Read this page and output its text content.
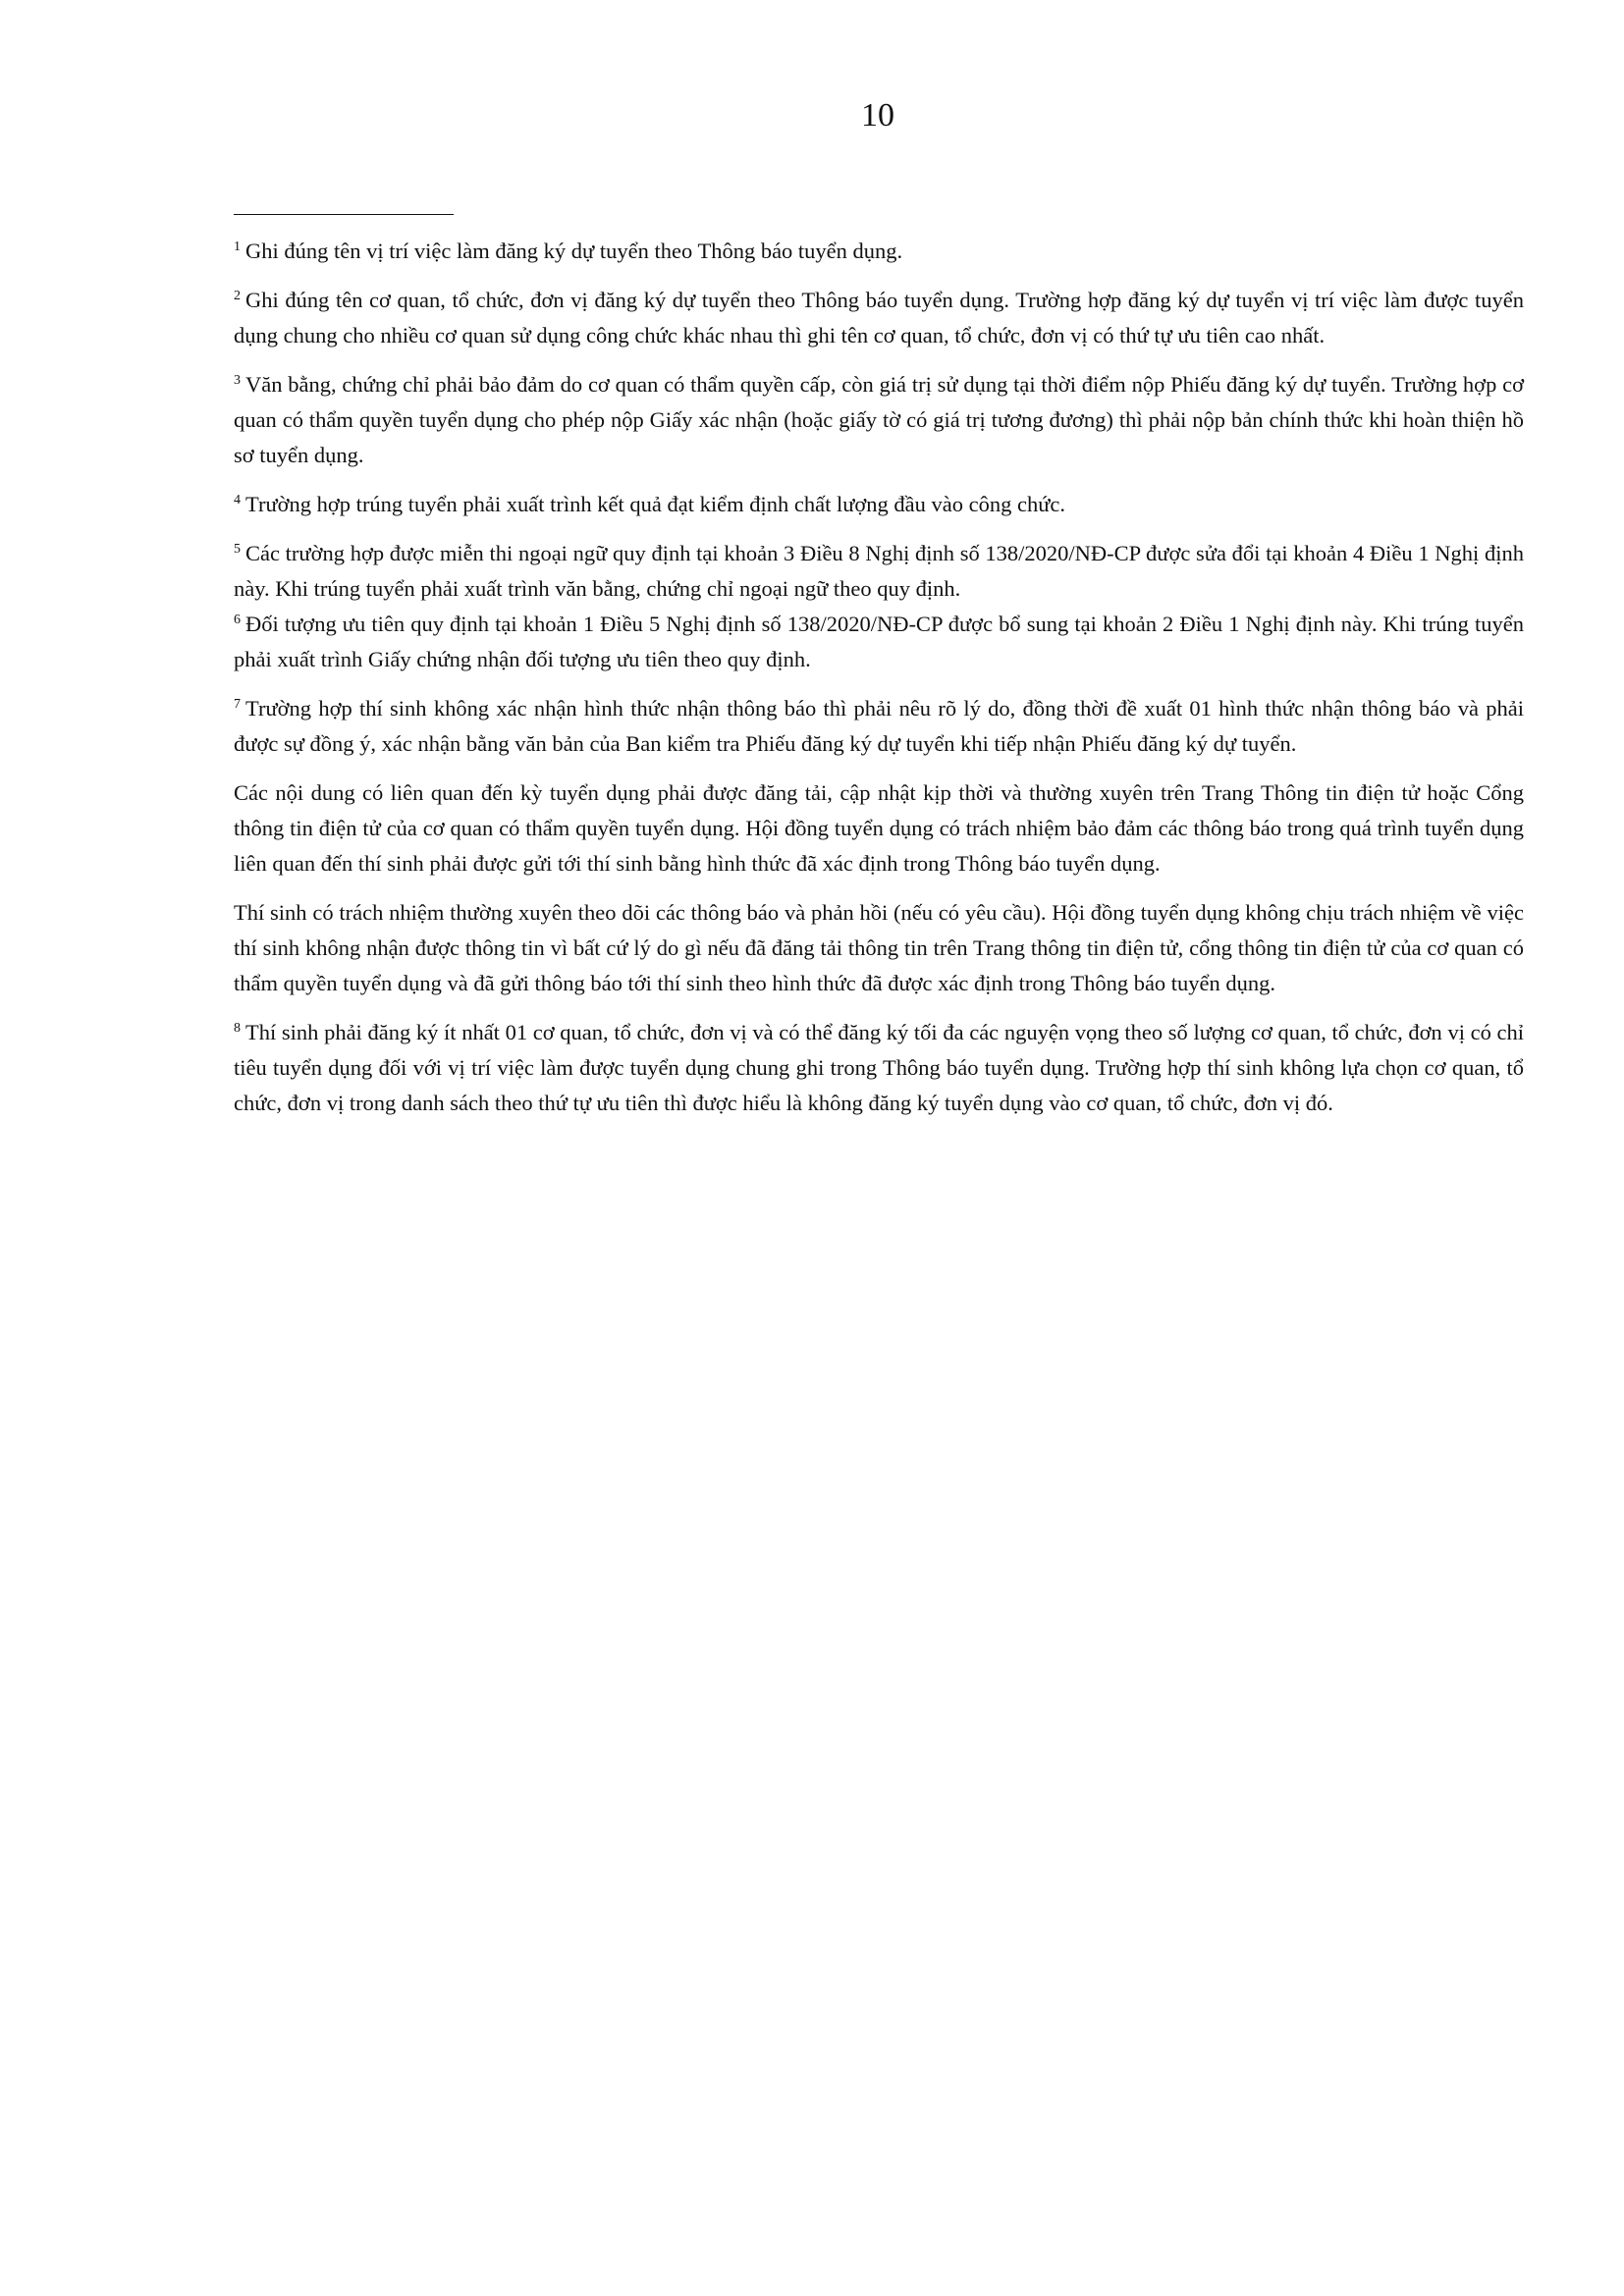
10

$^1$ Ghi đúng tên vị trí việc làm đăng ký dự tuyển theo Thông báo tuyển dụng.

$^2$ Ghi đúng tên cơ quan, tổ chức, đơn vị đăng ký dự tuyển theo Thông báo tuyển dụng. Trường hợp đăng ký dự tuyển vị trí việc làm được tuyển dụng chung cho nhiều cơ quan sử dụng công chức khác nhau thì ghi tên cơ quan, tổ chức, đơn vị có thứ tự ưu tiên cao nhất.

$^3$ Văn bằng, chứng chỉ phải bảo đảm do cơ quan có thẩm quyền cấp, còn giá trị sử dụng tại thời điểm nộp Phiếu đăng ký dự tuyển. Trường hợp cơ quan có thẩm quyền tuyển dụng cho phép nộp Giấy xác nhận (hoặc giấy tờ có giá trị tương đương) thì phải nộp bản chính thức khi hoàn thiện hồ sơ tuyển dụng.

$^4$ Trường hợp trúng tuyển phải xuất trình kết quả đạt kiểm định chất lượng đầu vào công chức.

$^5$ Các trường hợp được miễn thi ngoại ngữ quy định tại khoản 3 Điều 8 Nghị định số 138/2020/NĐ-CP được sửa đổi tại khoản 4 Điều 1 Nghị định này. Khi trúng tuyển phải xuất trình văn bằng, chứng chỉ ngoại ngữ theo quy định.

$^6$ Đối tượng ưu tiên quy định tại khoản 1 Điều 5 Nghị định số 138/2020/NĐ-CP được bổ sung tại khoản 2 Điều 1 Nghị định này. Khi trúng tuyển phải xuất trình Giấy chứng nhận đối tượng ưu tiên theo quy định.

$^7$ Trường hợp thí sinh không xác nhận hình thức nhận thông báo thì phải nêu rõ lý do, đồng thời đề xuất 01 hình thức nhận thông báo và phải được sự đồng ý, xác nhận bằng văn bản của Ban kiểm tra Phiếu đăng ký dự tuyển khi tiếp nhận Phiếu đăng ký dự tuyển.

Các nội dung có liên quan đến kỳ tuyển dụng phải được đăng tải, cập nhật kịp thời và thường xuyên trên Trang Thông tin điện tử hoặc Cổng thông tin điện tử của cơ quan có thẩm quyền tuyển dụng. Hội đồng tuyển dụng có trách nhiệm bảo đảm các thông báo trong quá trình tuyển dụng liên quan đến thí sinh phải được gửi tới thí sinh bằng hình thức đã xác định trong Thông báo tuyển dụng.

Thí sinh có trách nhiệm thường xuyên theo dõi các thông báo và phản hồi (nếu có yêu cầu). Hội đồng tuyển dụng không chịu trách nhiệm về việc thí sinh không nhận được thông tin vì bất cứ lý do gì nếu đã đăng tải thông tin trên Trang thông tin điện tử, cổng thông tin điện tử của cơ quan có thẩm quyền tuyển dụng và đã gửi thông báo tới thí sinh theo hình thức đã được xác định trong Thông báo tuyển dụng.

$^8$ Thí sinh phải đăng ký ít nhất 01 cơ quan, tổ chức, đơn vị và có thể đăng ký tối đa các nguyện vọng theo số lượng cơ quan, tổ chức, đơn vị có chỉ tiêu tuyển dụng đối với vị trí việc làm được tuyển dụng chung ghi trong Thông báo tuyển dụng. Trường hợp thí sinh không lựa chọn cơ quan, tổ chức, đơn vị trong danh sách theo thứ tự ưu tiên thì được hiểu là không đăng ký tuyển dụng vào cơ quan, tổ chức, đơn vị đó.
